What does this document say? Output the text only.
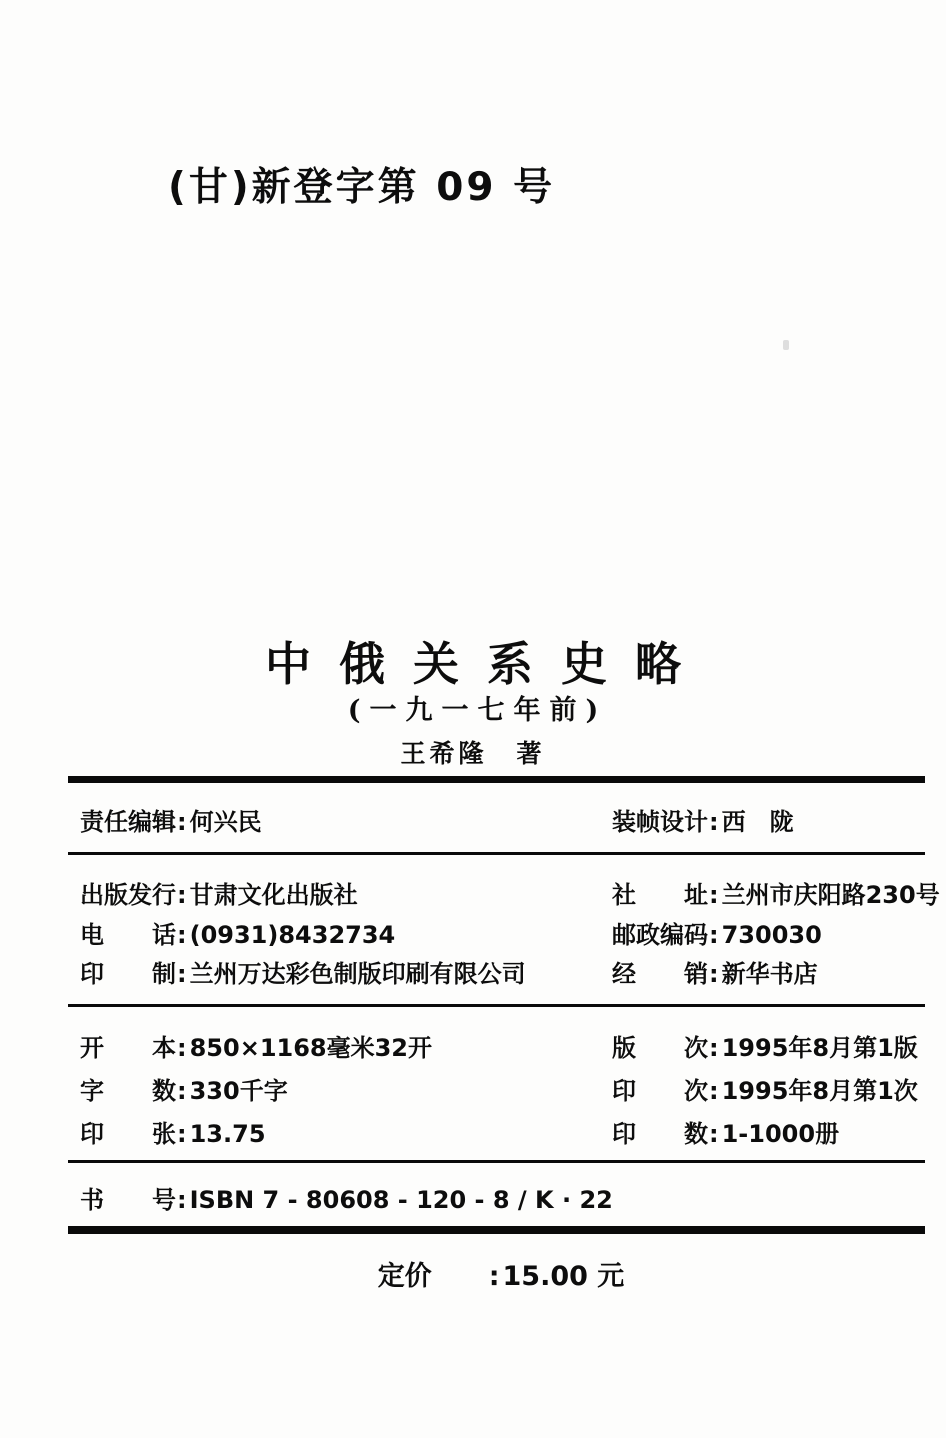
(甘)新登字第 09 号
中俄关系史略
(一九一七年前)
王希隆　著
责任编辑: 何兴民	装帧设计: 西　陇
出版发行: 甘肃文化出版社
电话: (0931)8432734
印制: 兰州万达彩色制版印刷有限公司
社址: 兰州市庆阳路230号
邮政编码: 730030
经销: 新华书店
开本: 850×1168毫米32开
字数: 330千字
印张: 13.75
版次: 1995年8月第1版
印次: 1995年8月第1次
印数: 1-1000册
书号: ISBN 7 - 80608 - 120 - 8 / K · 22
定价 : 15.00 元
